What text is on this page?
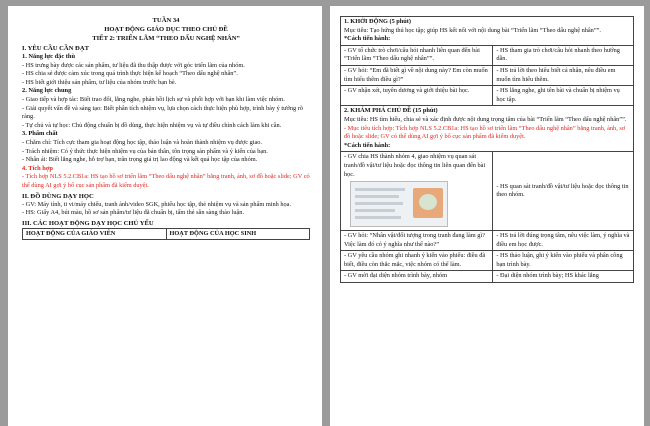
TUẦN 34
HOẠT ĐỘNG GIÁO DỤC THEO CHỦ ĐỀ
TIẾT 2: TRIỂN LÃM “THEO DẤU NGHỆ NHÂN”
I. YÊU CẦU CẦN ĐẠT
1. Năng lực đặc thù

- HS trưng bày được các sản phẩm, tư liệu đã thu thập được với góc triển lãm của nhóm.

- HS chia sẻ được cảm xúc trong quá trình thực hiện kế hoạch “Theo dấu nghệ nhân”.

- HS biết giới thiệu sản phẩm, tư liệu của nhóm trước bạn bè.

2. Năng lực chung

- Giao tiếp và hợp tác: Biết trao đổi, lắng nghe, phản hồi lịch sự và phối hợp với bạn khi làm việc nhóm.

- Giải quyết vấn đề và sáng tạo: Biết phân tích nhiệm vụ, lựa chọn cách thực hiện phù hợp, trình bày ý tưởng rõ ràng.

- Tự chủ và tự học: Chủ động chuẩn bị đồ dùng, thực hiện nhiệm vụ và tự điều chỉnh cách làm khi cần.

3. Phẩm chất

- Chăm chỉ: Tích cực tham gia hoạt động học tập, thảo luận và hoàn thành nhiệm vụ được giao.

- Trách nhiệm: Có ý thức thực hiện nhiệm vụ của bản thân, tôn trọng sản phẩm và ý kiến của bạn.

- Nhân ái: Biết lắng nghe, hỗ trợ bạn, trân trọng giá trị lao động và kết quả học tập của nhóm.

4. Tích hợp

- Tích hợp NLS 5.2.CB1a: HS tạo hồ sơ triển lãm “Theo dấu nghệ nhân” bằng tranh, ảnh, sơ đồ hoặc slide; GV có thể dùng AI gợi ý bố cục sản phẩm đã kiểm duyệt.

II. ĐỒ DÙNG DẠY HỌC

- GV: Máy tính, ti vi/máy chiếu, tranh ảnh/video SGK, phiếu học tập, thẻ nhiệm vụ và sản phẩm minh họa.

- HS: Giấy A4, bút màu, hồ sơ sản phẩm/tư liệu đã chuẩn bị, tấm thẻ sẵn sàng thảo luận.

III. CÁC HOẠT ĐỘNG DẠY HỌC CHỦ YẾU
HOẠT ĐỘNG CỦA GIÁO VIÊN	HOẠT ĐỘNG CỦA HỌC SINH
1. KHỞI ĐỘNG (5 phút)
Mục tiêu: Tạo hứng thú học tập; giúp HS kết nối với nội dung bài “Triển lãm “Theo dấu nghệ nhân””.
*Cách tiến hành:	

- GV tổ chức trò chơi/câu hỏi nhanh liên quan đến bài “Triển lãm “Theo dấu nghệ nhân””.	- HS tham gia trò chơi/câu hỏi nhanh theo hướng dẫn.
- GV hỏi: “Em đã biết gì về nội dung này? Em còn muốn tìm hiểu thêm điều gì?”	- HS trả lời theo hiểu biết cá nhân, nêu điều em muốn tìm hiểu thêm.
- GV nhận xét, tuyên dương và giới thiệu bài học.	- HS lắng nghe, ghi tên bài và chuẩn bị nhiệm vụ học tập.

2. KHÁM PHÁ CHỦ ĐỀ (15 phút)
Mục tiêu: HS tìm hiểu, chia sẻ và xác định được nội dung trọng tâm của bài “Triển lãm “Theo dấu nghệ nhân””.
- Mục tiêu tích hợp: Tích hợp NLS 5.2.CB1a: HS tạo hồ sơ triển lãm “Theo dấu nghệ nhân” bằng tranh, ảnh, sơ đồ hoặc slide; GV có thể dùng AI gợi ý bố cục sản phẩm đã kiểm duyệt.
*Cách tiến hành:	

- GV chia HS thành nhóm 4, giao nhiệm vụ quan sát tranh/đồ vật/tư liệu hoặc đọc thông tin liên quan đến bài học.	- HS quan sát tranh/đồ vật/tư liệu hoặc đọc thông tin theo nhóm.
- GV hỏi: “Nhân vật/đối tượng trong tranh đang làm gì? Việc làm đó có ý nghĩa như thế nào?”	- HS trả lời đúng trọng tâm, nêu việc làm, ý nghĩa và điều em học được.
- GV yêu cầu nhóm ghi nhanh ý kiến vào phiếu: điều đã biết, điều còn thắc mắc, việc nhóm có thể làm.	- HS thảo luận, ghi ý kiến vào phiếu và phân công bạn trình bày.
- GV mời đại diện nhóm trình bày, nhóm	- Đại diện nhóm trình bày; HS khác lắng
